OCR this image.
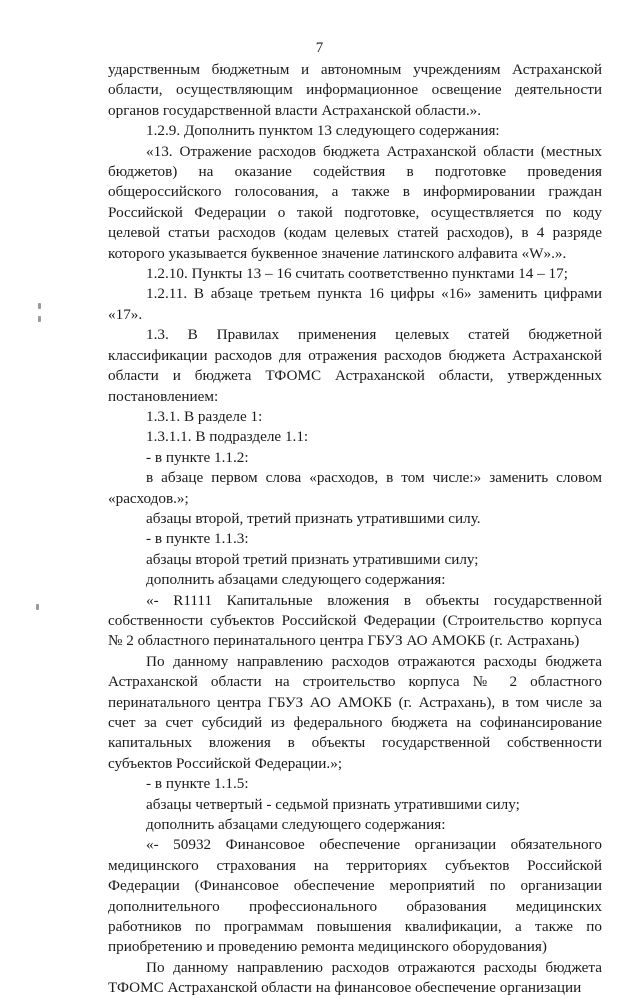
7

ударственным бюджетным и автономным учреждениям Астраханской области, осуществляющим информационное освещение деятельности органов государственной власти Астраханской области.».

1.2.9. Дополнить пунктом 13 следующего содержания:

«13. Отражение расходов бюджета Астраханской области (местных бюджетов) на оказание содействия в подготовке проведения общероссийского голосования, а также в информировании граждан Российской Федерации о такой подготовке, осуществляется по коду целевой статьи расходов (кодам целевых статей расходов), в 4 разряде которого указывается буквенное значение латинского алфавита «W».».

1.2.10. Пункты 13 – 16 считать соответственно пунктами 14 – 17;

1.2.11. В абзаце третьем пункта 16 цифры «16» заменить цифрами «17».

1.3. В Правилах применения целевых статей бюджетной классификации расходов для отражения расходов бюджета Астраханской области и бюджета ТФОМС Астраханской области, утвержденных постановлением:

1.3.1. В разделе 1:

1.3.1.1. В подразделе 1.1:

- в пункте 1.1.2:

в абзаце первом слова «расходов, в том числе:» заменить словом «расходов.»;

абзацы второй, третий признать утратившими силу.

- в пункте 1.1.3:

абзацы второй третий признать утратившими силу;

дополнить абзацами следующего содержания:

«- R1111 Капитальные вложения в объекты государственной собственности субъектов Российской Федерации (Строительство корпуса № 2 областного перинатального центра ГБУЗ АО АМОКБ (г. Астрахань)

По данному направлению расходов отражаются расходы бюджета Астраханской области на строительство корпуса № 2 областного перинатального центра ГБУЗ АО АМОКБ (г. Астрахань), в том числе за счет за счет субсидий из федерального бюджета на софинансирование капитальных вложения в объекты государственной собственности субъектов Российской Федерации.»;

- в пункте 1.1.5:

абзацы четвертый - седьмой признать утратившими силу;

дополнить абзацами следующего содержания:

«- 50932 Финансовое обеспечение организации обязательного медицинского страхования на территориях субъектов Российской Федерации (Финансовое обеспечение мероприятий по организации дополнительного профессионального образования медицинских работников по программам повышения квалификации, а также по приобретению и проведению ремонта медицинского оборудования)

По данному направлению расходов отражаются расходы бюджета ТФОМС Астраханской области на финансовое обеспечение организации
